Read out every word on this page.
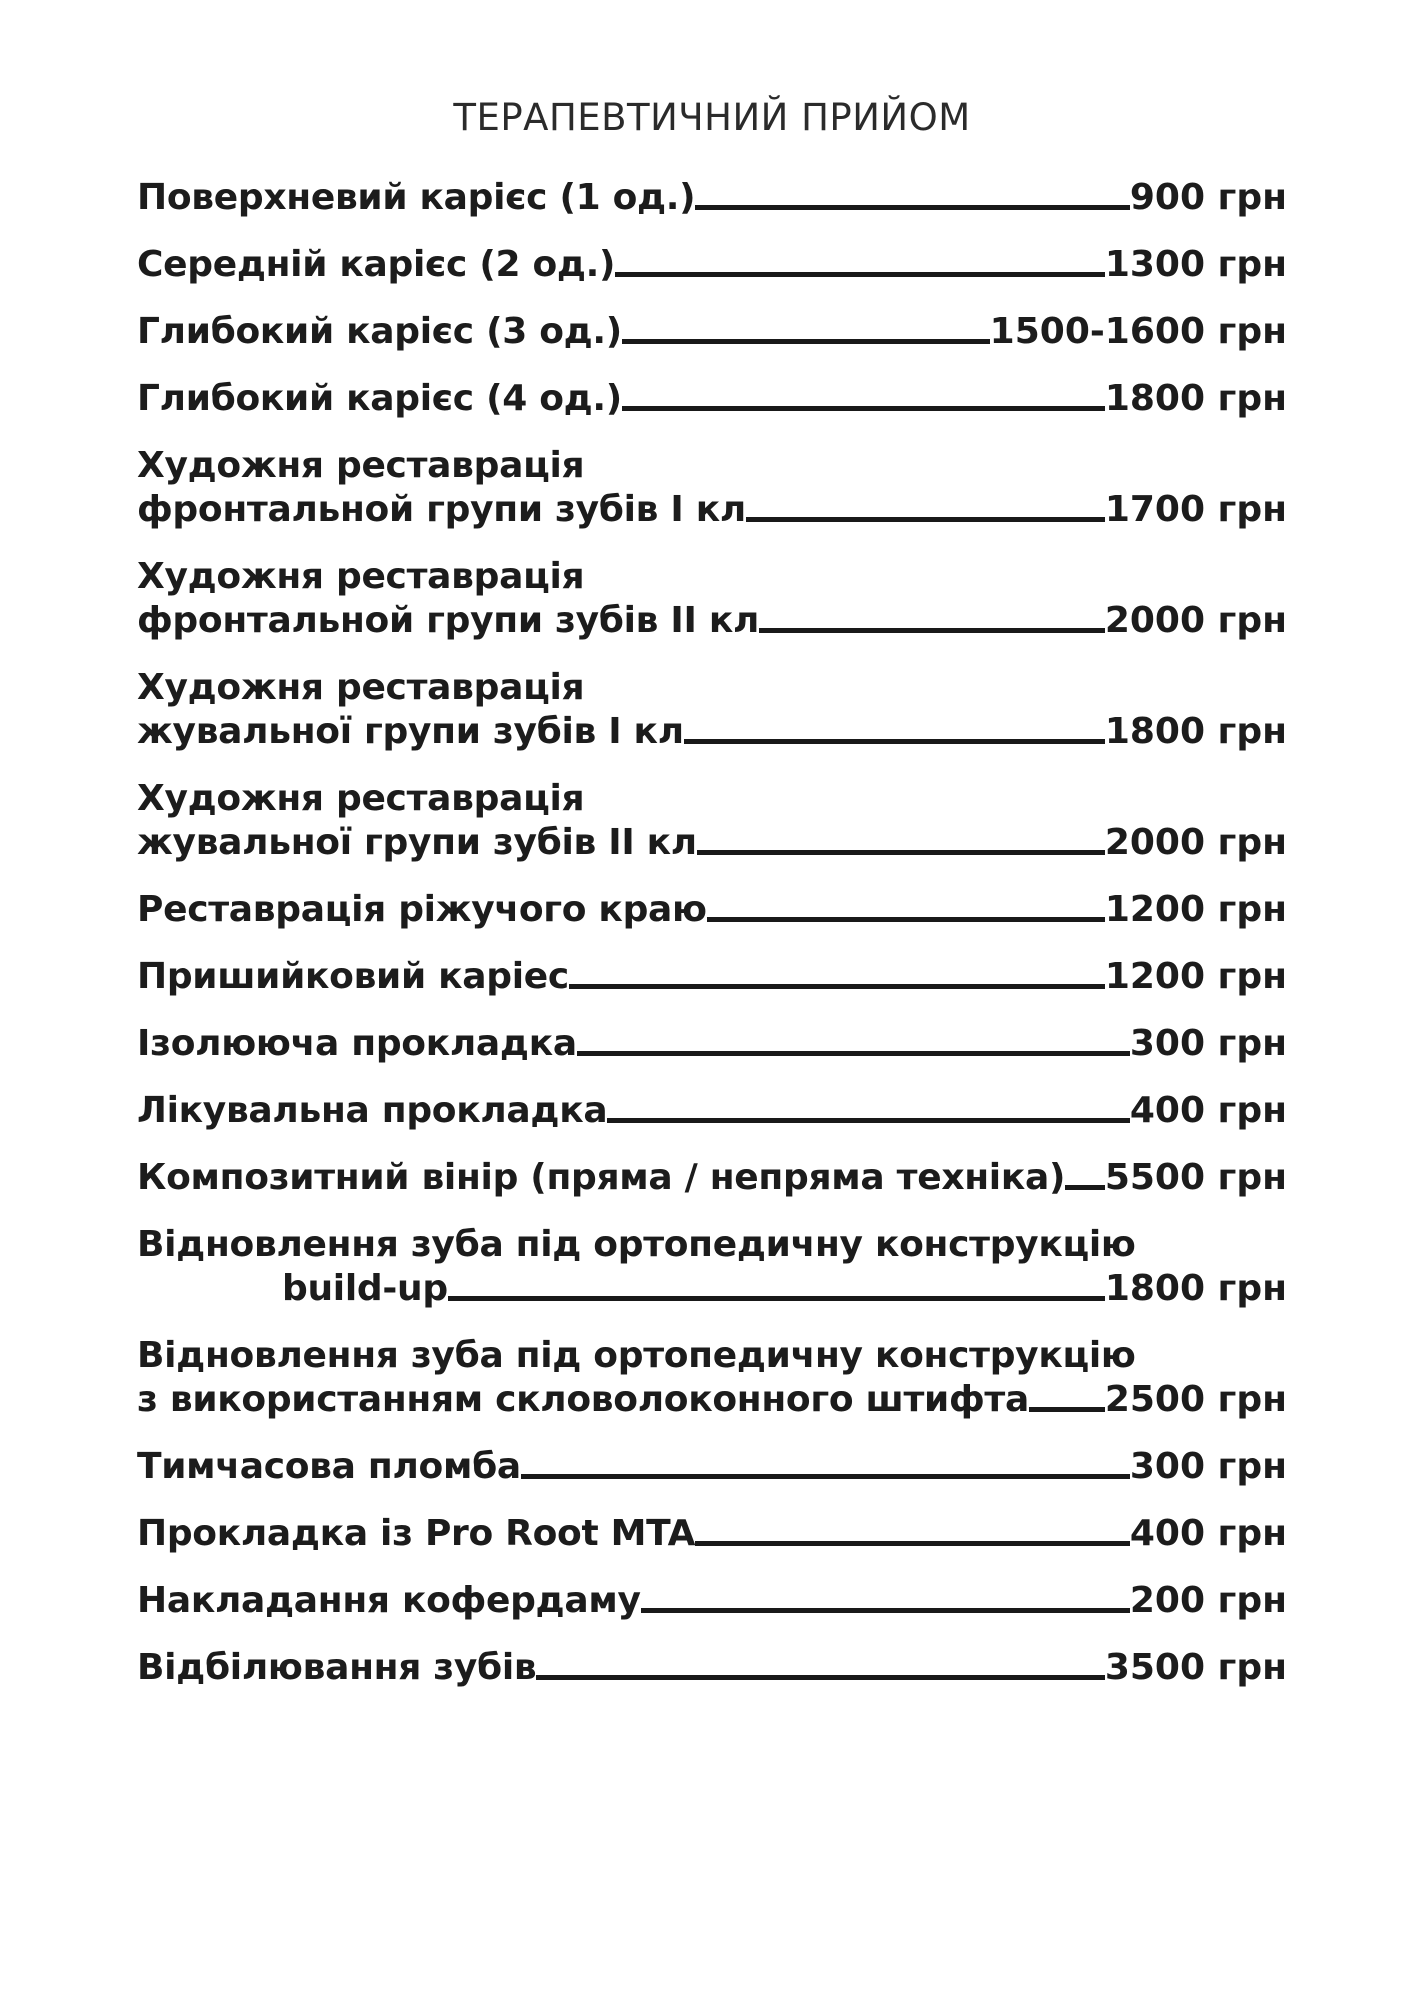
ТЕРАПЕВТИЧНИЙ ПРИЙОМ
Поверхневий карієс (1 од.)	900 грн
Середній карієс (2 од.)	1300 грн
Глибокий карієс (3 од.)	1500-1600 грн
Глибокий карієс (4 од.)	1800 грн
Художня реставрація
фронтальной групи зубів I кл	1700 грн
Художня реставрація
фронтальной групи зубів II кл	2000 грн
Художня реставрація
жувальної групи зубів I кл	1800 грн
Художня реставрація
жувальної групи зубів II кл	2000 грн
Реставрація ріжучого краю	1200 грн
Пришийковий каріес	1200 грн
Ізолююча прокладка	300 грн
Лікувальна прокладка	400 грн
Композитний вінір (пряма / непряма техніка) 5500 грн
Відновлення зуба під ортопедичну конструкцію
build-up	1800 грн
Відновлення зуба під ортопедичну конструкцію
з використанням скловолоконного штифта 2500 грн
Тимчасова пломба	300 грн
Прокладка із Pro Root MTA	400 грн
Накладання кофердаму	200 грн
Відбілювання зубів	3500 грн
